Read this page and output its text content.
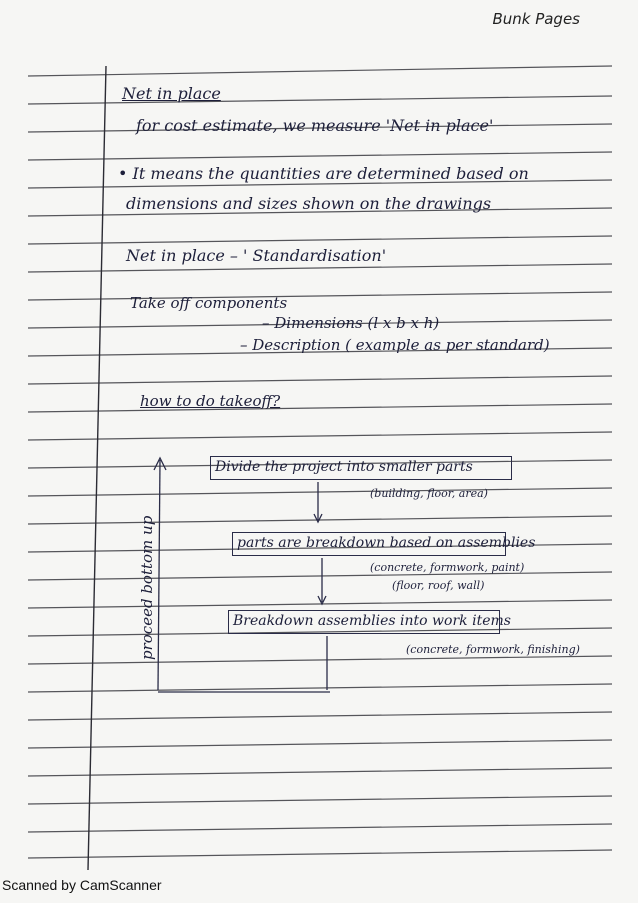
Bunk Pages
Net in place
for cost estimate, we measure 'Net in place'
• It means the quantities are determined based on
dimensions and sizes shown on the drawings
Net in place – ' Standardisation'
Take off components
– Dimensions (l x b x h)
– Description ( example as per standard)
how to do takeoff?
proceed bottom up
Divide the project into smaller parts
(building, floor, area)
parts are breakdown based on assemblies
(concrete, formwork, paint)
(floor, roof, wall)
Breakdown assemblies into work items
(concrete, formwork, finishing)
Scanned by CamScanner
